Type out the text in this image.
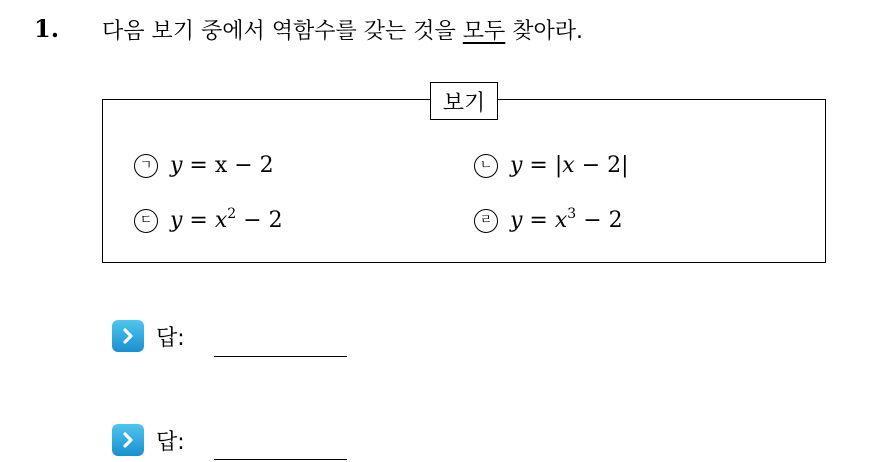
1. 다음 보기 중에서 역함수를 갖는 것을 모두 찾아라.
보기
ㄱ y = x − 2	ㄴ y = |x − 2|
ㄷ $y = x^2 - 2$	ㄹ $y = x^3 - 2$
답:
답:
